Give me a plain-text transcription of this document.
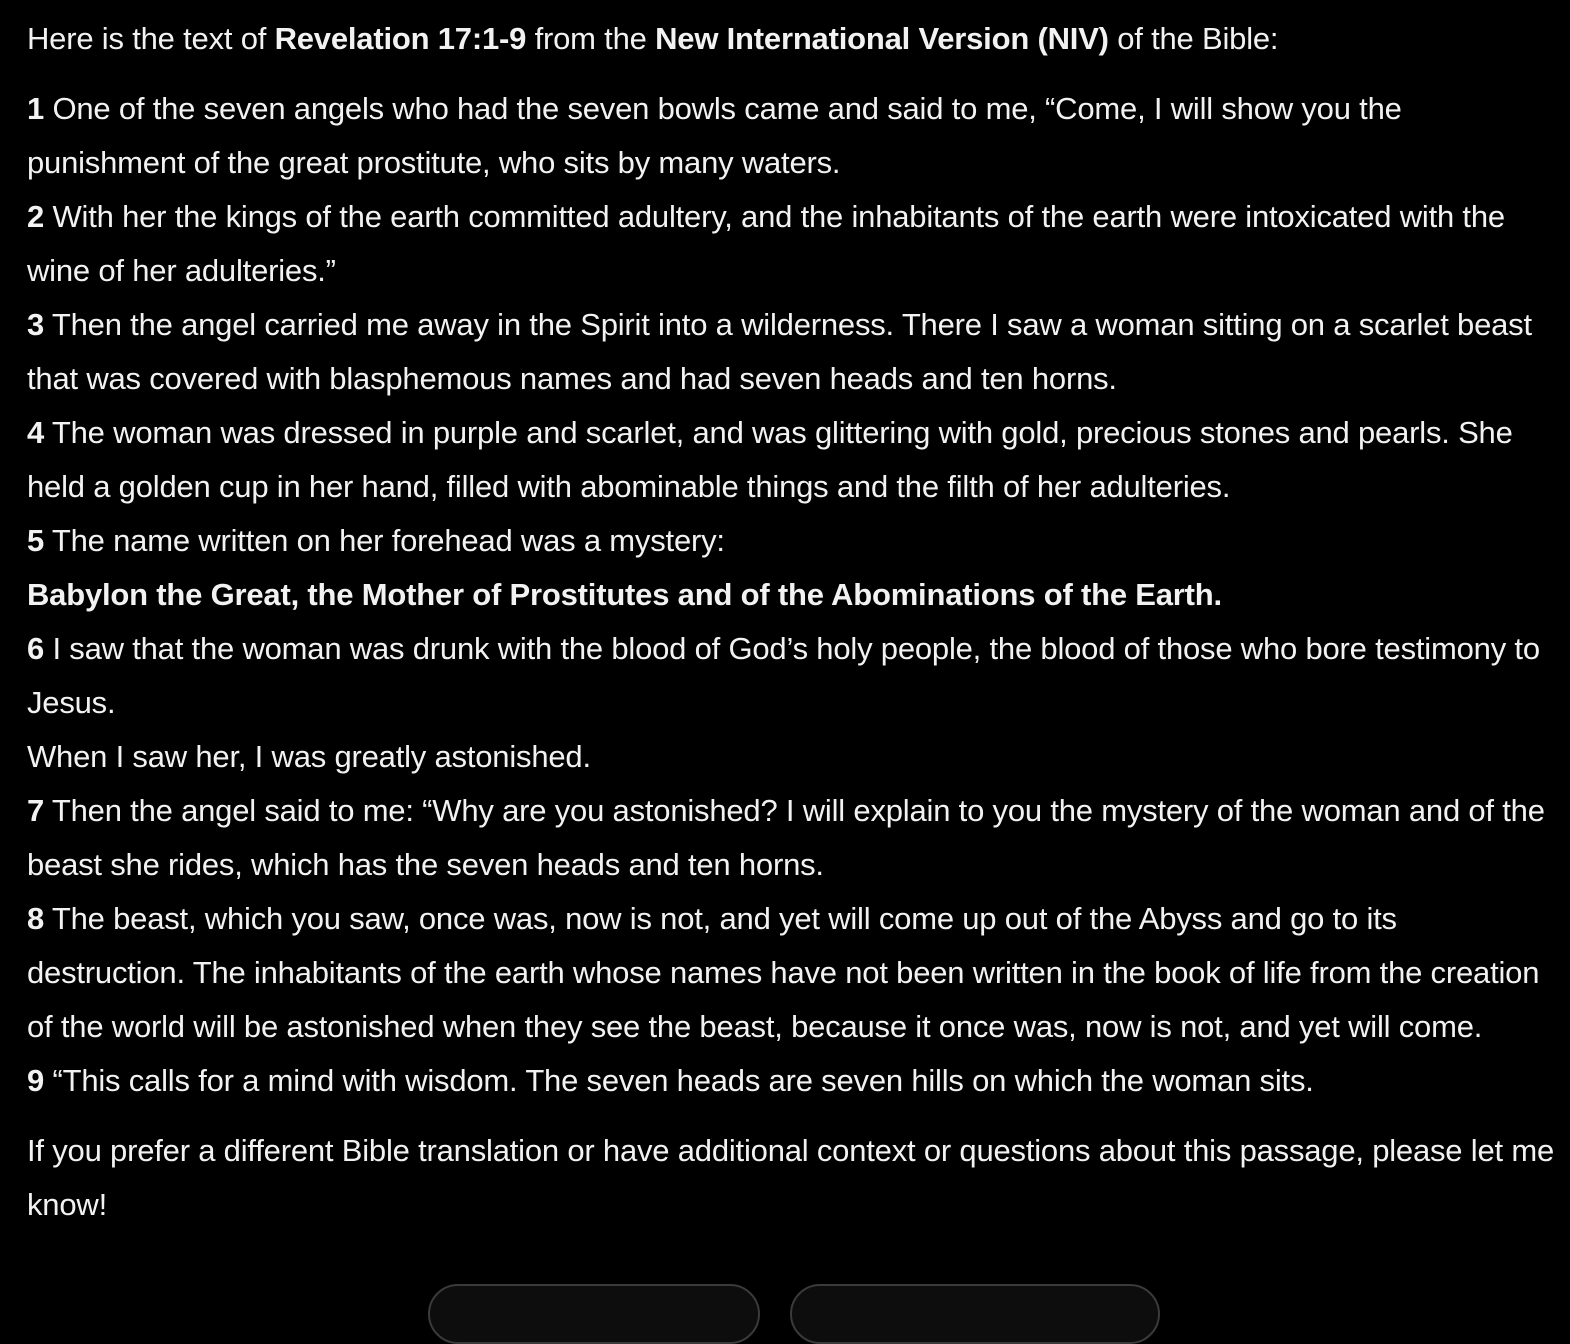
Here is the text of Revelation 17:1-9 from the New International Version (NIV) of the Bible:

1 One of the seven angels who had the seven bowls came and said to me, “Come, I will show you the punishment of the great prostitute, who sits by many waters.
2 With her the kings of the earth committed adultery, and the inhabitants of the earth were intoxicated with the wine of her adulteries.”
3 Then the angel carried me away in the Spirit into a wilderness. There I saw a woman sitting on a scarlet beast that was covered with blasphemous names and had seven heads and ten horns.
4 The woman was dressed in purple and scarlet, and was glittering with gold, precious stones and pearls. She held a golden cup in her hand, filled with abominable things and the filth of her adulteries.
5 The name written on her forehead was a mystery:
Babylon the Great, the Mother of Prostitutes and of the Abominations of the Earth.
6 I saw that the woman was drunk with the blood of God’s holy people, the blood of those who bore testimony to Jesus.
When I saw her, I was greatly astonished.
7 Then the angel said to me: “Why are you astonished? I will explain to you the mystery of the woman and of the beast she rides, which has the seven heads and ten horns.
8 The beast, which you saw, once was, now is not, and yet will come up out of the Abyss and go to its destruction. The inhabitants of the earth whose names have not been written in the book of life from the creation of the world will be astonished when they see the beast, because it once was, now is not, and yet will come.
9 “This calls for a mind with wisdom. The seven heads are seven hills on which the woman sits.

If you prefer a different Bible translation or have additional context or questions about this passage, please let me know!
